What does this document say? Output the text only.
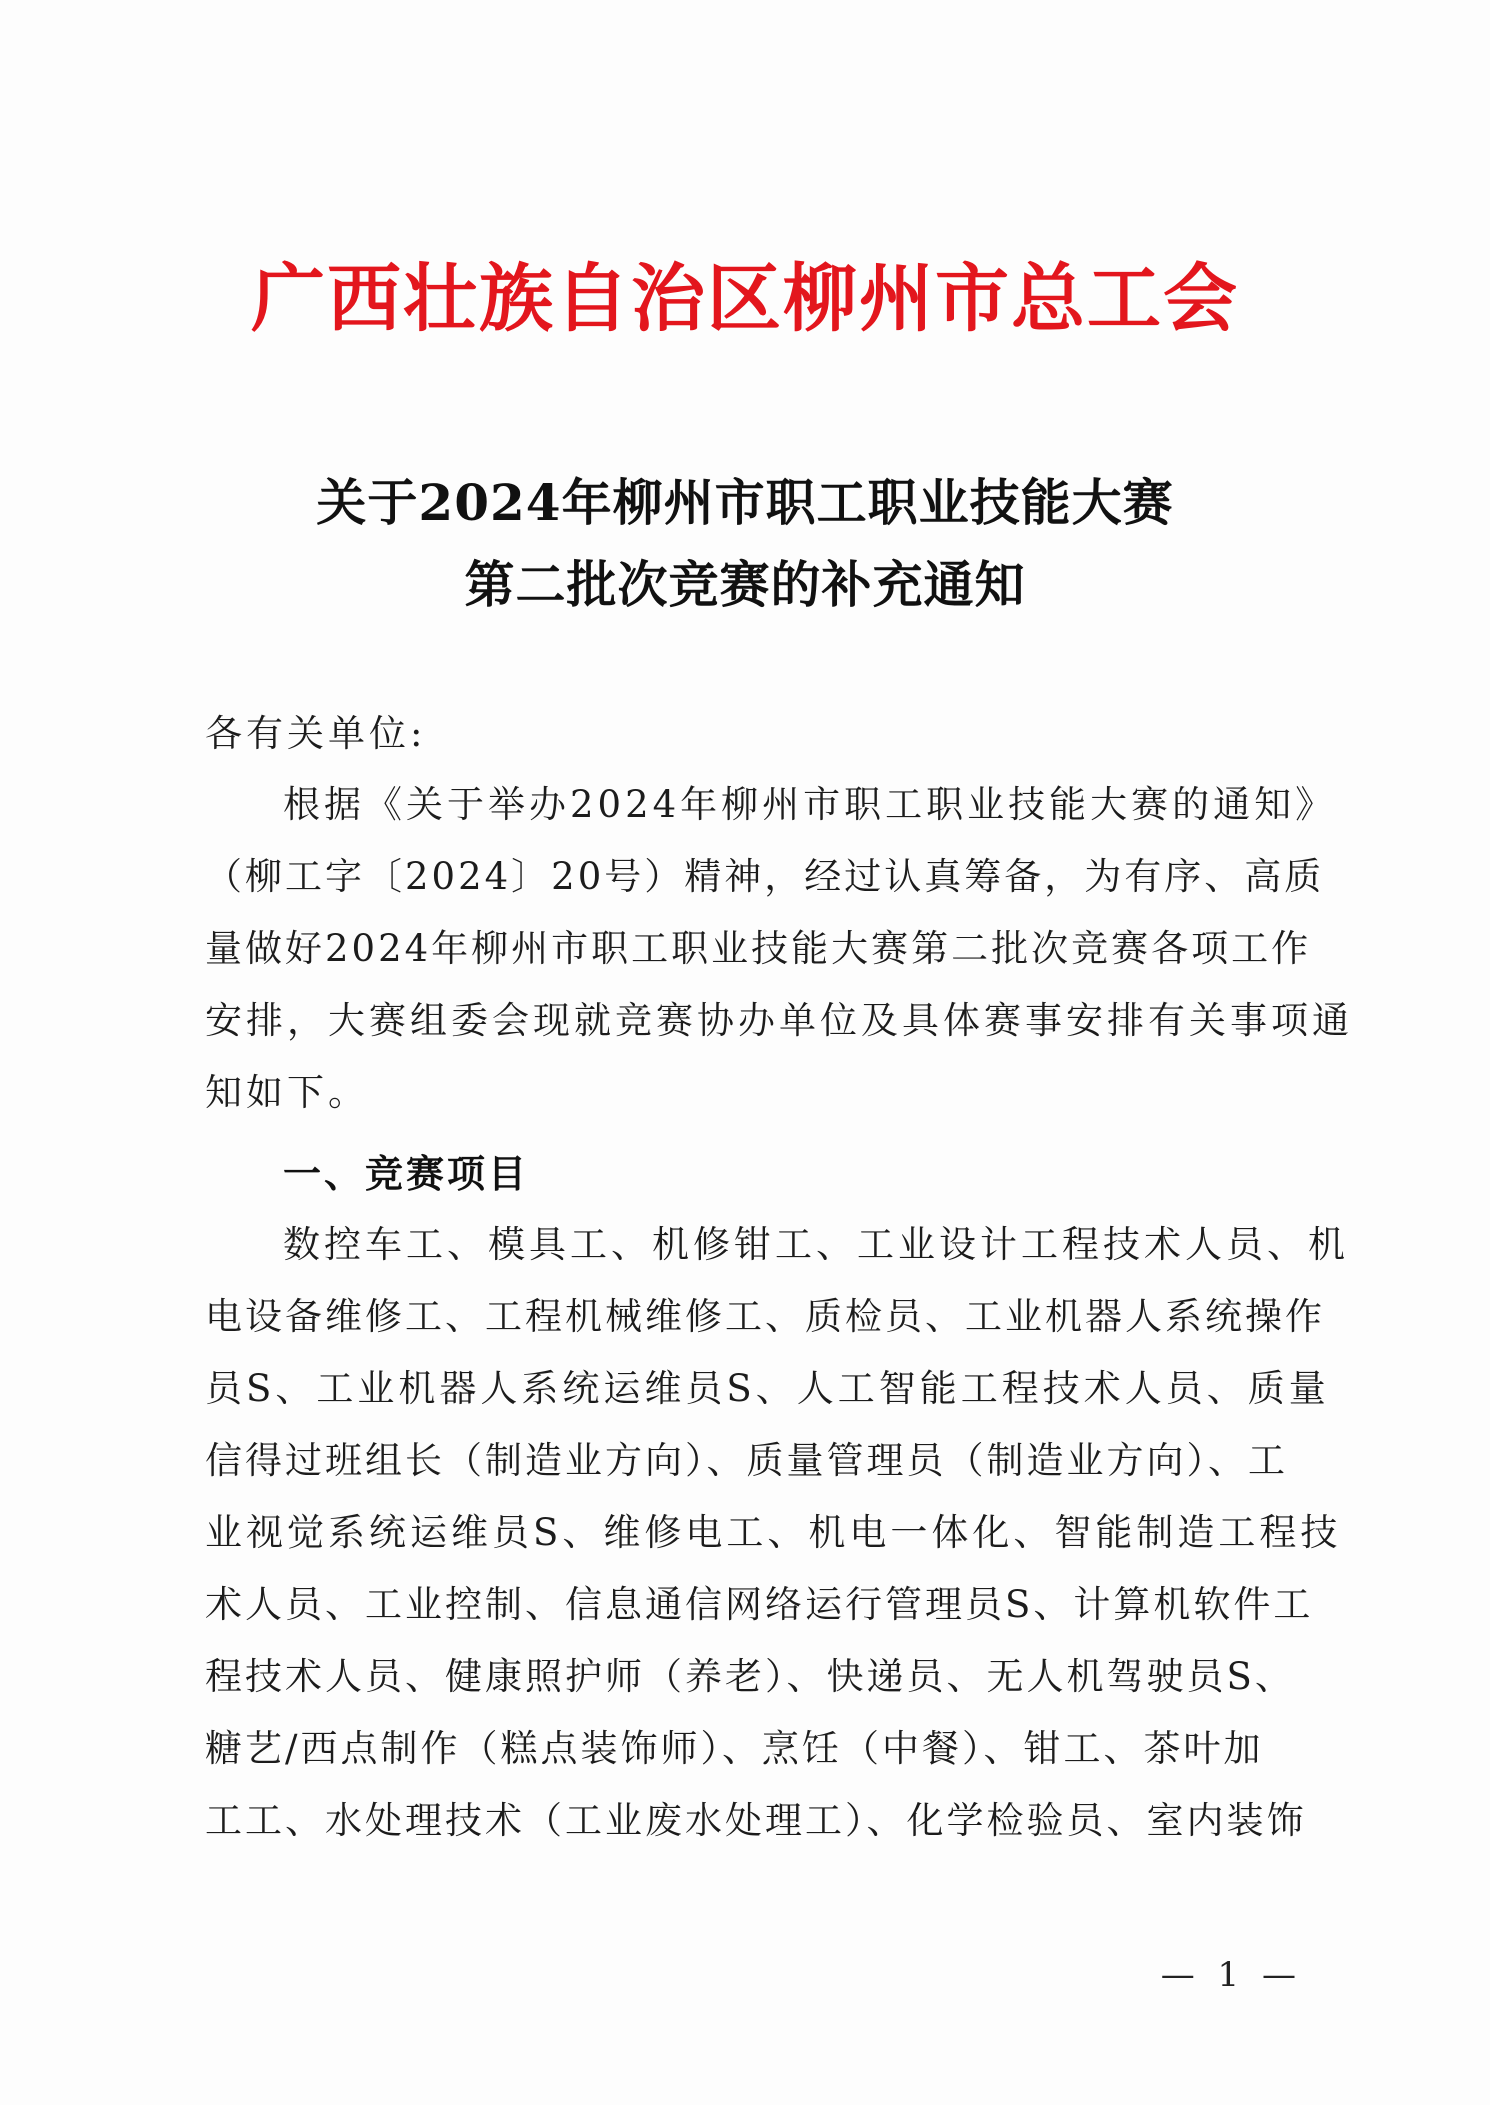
广西壮族自治区柳州市总工会
关于2024年柳州市职工职业技能大赛
第二批次竞赛的补充通知
各有关单位:
根据《关于举办2024年柳州市职工职业技能大赛的通知》
（柳工字〔2024〕20号）精神，经过认真筹备，为有序、高质
量做好2024年柳州市职工职业技能大赛第二批次竞赛各项工作
安排，大赛组委会现就竞赛协办单位及具体赛事安排有关事项通
知如下。
一、竞赛项目
数控车工、模具工、机修钳工、工业设计工程技术人员、机
电设备维修工、工程机械维修工、质检员、工业机器人系统操作
员S、工业机器人系统运维员S、人工智能工程技术人员、质量
信得过班组长（制造业方向）、质量管理员（制造业方向）、工
业视觉系统运维员S、维修电工、机电一体化、智能制造工程技
术人员、工业控制、信息通信网络运行管理员S、计算机软件工
程技术人员、健康照护师（养老）、快递员、无人机驾驶员S、
糖艺/西点制作（糕点装饰师）、烹饪（中餐）、钳工、茶叶加
工工、水处理技术（工业废水处理工）、化学检验员、室内装饰
— 1 —
